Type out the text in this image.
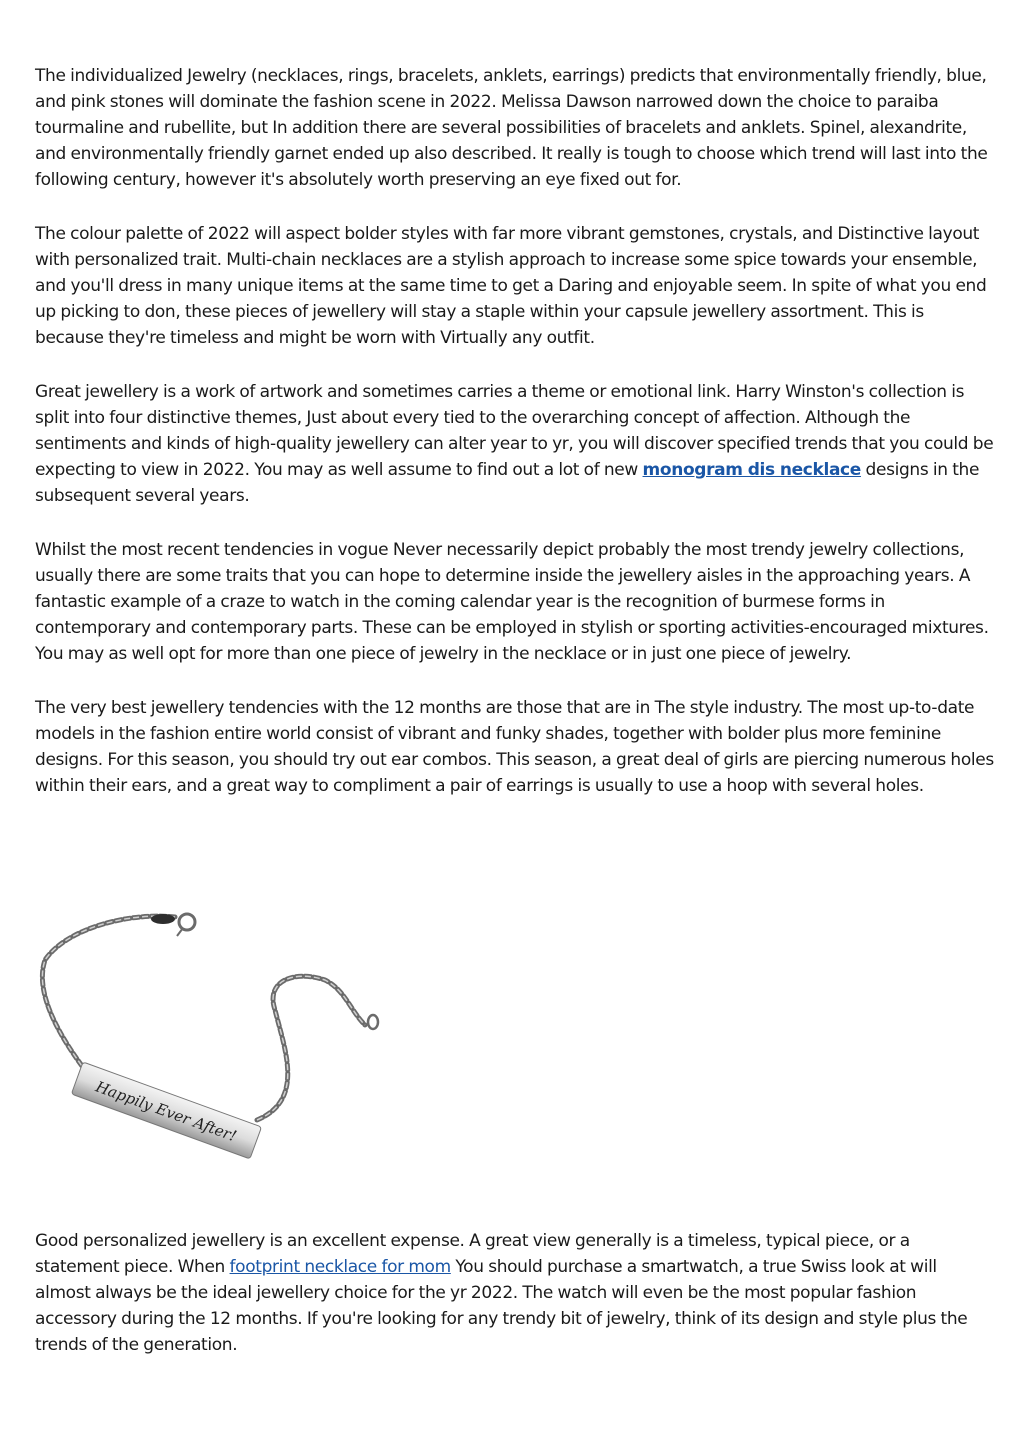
The individualized Jewelry (necklaces, rings, bracelets, anklets, earrings) predicts that environmentally friendly, blue, and pink stones will dominate the fashion scene in 2022. Melissa Dawson narrowed down the choice to paraiba tourmaline and rubellite, but In addition there are several possibilities of bracelets and anklets. Spinel, alexandrite, and environmentally friendly garnet ended up also described. It really is tough to choose which trend will last into the following century, however it's absolutely worth preserving an eye fixed out for.

The colour palette of 2022 will aspect bolder styles with far more vibrant gemstones, crystals, and Distinctive layout with personalized trait. Multi-chain necklaces are a stylish approach to increase some spice towards your ensemble, and you'll dress in many unique items at the same time to get a Daring and enjoyable seem. In spite of what you end up picking to don, these pieces of jewellery will stay a staple within your capsule jewellery assortment. This is because they're timeless and might be worn with Virtually any outfit.

Great jewellery is a work of artwork and sometimes carries a theme or emotional link. Harry Winston's collection is split into four distinctive themes, Just about every tied to the overarching concept of affection. Although the sentiments and kinds of high-quality jewellery can alter year to yr, you will discover specified trends that you could be expecting to view in 2022. You may as well assume to find out a lot of new monogram dis necklace designs in the subsequent several years.

Whilst the most recent tendencies in vogue Never necessarily depict probably the most trendy jewelry collections, usually there are some traits that you can hope to determine inside the jewellery aisles in the approaching years. A fantastic example of a craze to watch in the coming calendar year is the recognition of burmese forms in contemporary and contemporary parts. These can be employed in stylish or sporting activities-encouraged mixtures. You may as well opt for more than one piece of jewelry in the necklace or in just one piece of jewelry.

The very best jewellery tendencies with the 12 months are those that are in The style industry. The most up-to-date models in the fashion entire world consist of vibrant and funky shades, together with bolder plus more feminine designs. For this season, you should try out ear combos. This season, a great deal of girls are piercing numerous holes within their ears, and a great way to compliment a pair of earrings is usually to use a hoop with several holes.

Happily Ever After!

Good personalized jewellery is an excellent expense. A great view generally is a timeless, typical piece, or a statement piece. When footprint necklace for mom You should purchase a smartwatch, a true Swiss look at will almost always be the ideal jewellery choice for the yr 2022. The watch will even be the most popular fashion accessory during the 12 months. If you're looking for any trendy bit of jewelry, think of its design and style plus the trends of the generation.
